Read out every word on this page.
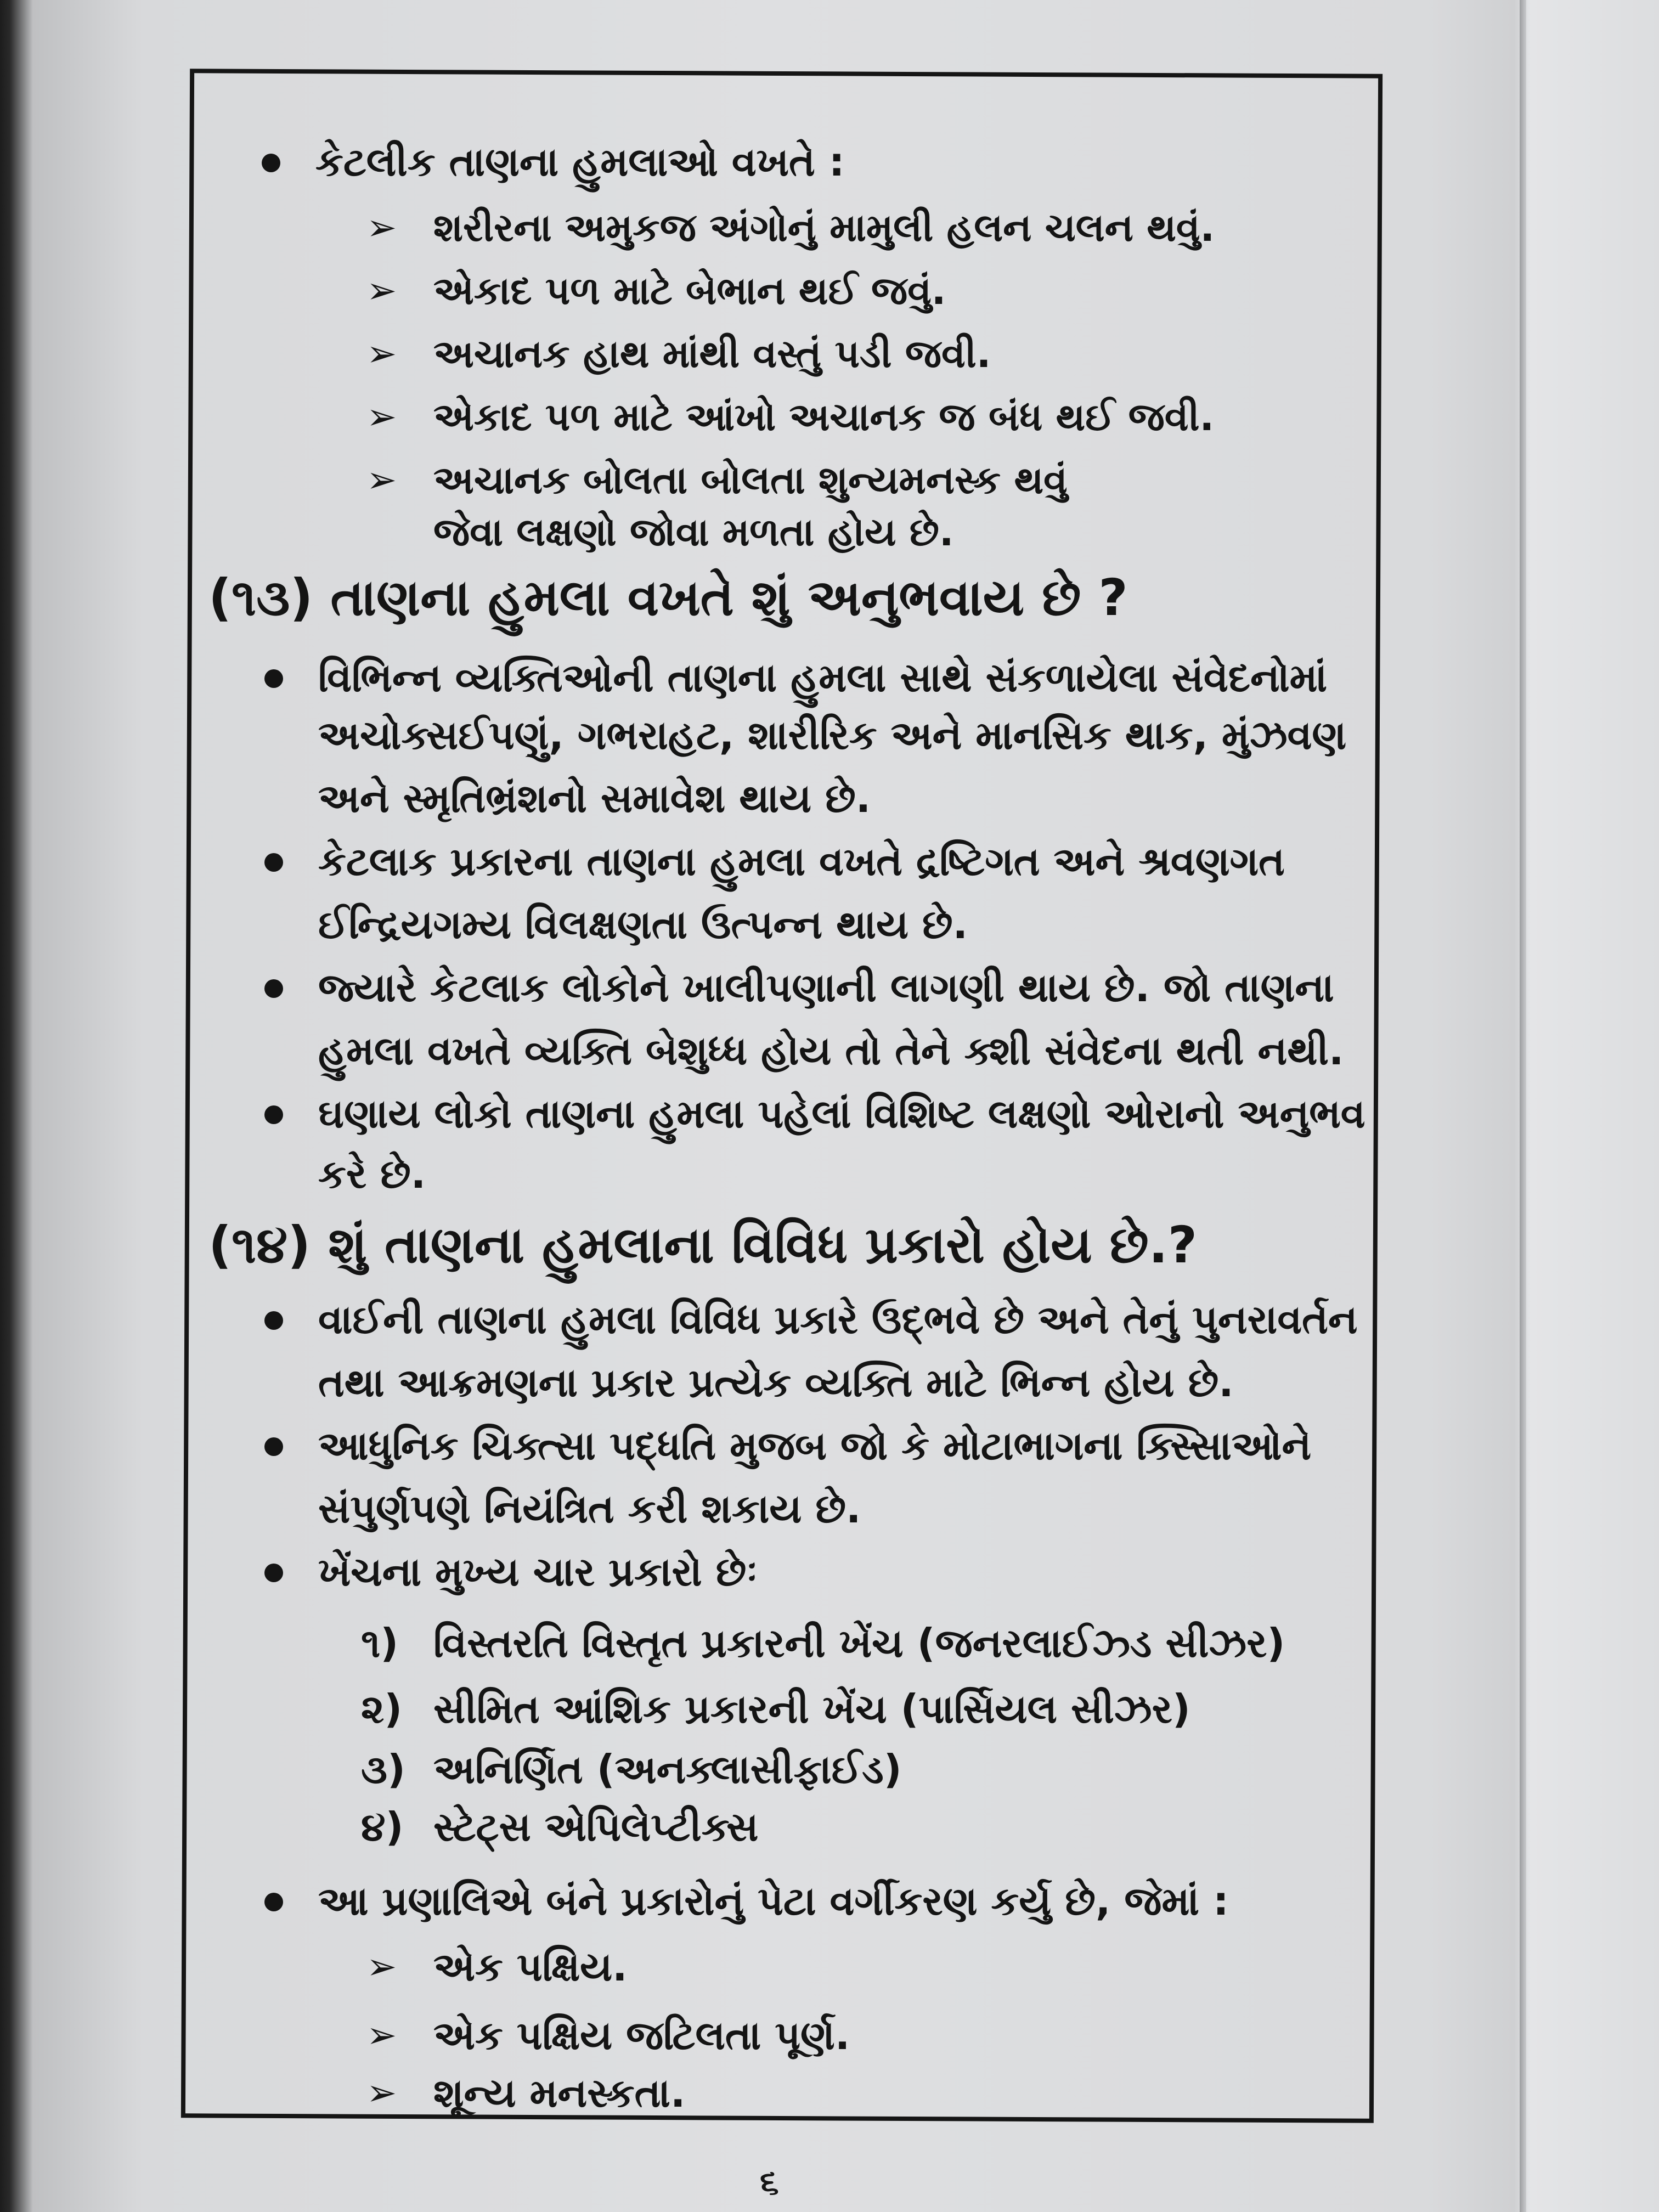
કેટલીક તાણના હુમલાઓ વખતે :
➢ શરીરના અમુકજ અંગોનું મામુલી હલન ચલન થવું.
➢ એકાદ પળ માટે બેભાન થઈ જવું.
➢ અચાનક હાથ માંથી વસ્તું પડી જવી.
➢ એકાદ પળ માટે આંખો અચાનક જ બંધ થઈ જવી.
➢ અચાનક બોલતા બોલતા શુન્યમનસ્ક થવું
જેવા લક્ષણો જોવા મળતા હોય છે.
(૧૩) તાણના હુમલા વખતે શું અનુભવાય છે ?
વિભિન્ન વ્યક્તિઓની તાણના હુમલા સાથે સંકળાયેલા સંવેદનોમાં
અચોક્સઈપણું, ગભરાહટ, શારીરિક અને માનસિક થાક, મુંઝવણ
અને સ્મૃતિભ્રંશનો સમાવેશ થાય છે.
કેટલાક પ્રકારના તાણના હુમલા વખતે દ્રષ્ટિગત અને શ્રવણગત
ઈન્દ્રિયગમ્ય વિલક્ષણતા ઉત્પન્ન થાય છે.
જ્યારે કેટલાક લોકોને ખાલીપણાની લાગણી થાય છે. જો તાણના
હુમલા વખતે વ્યક્તિ બેશુધ્ધ હોય તો તેને ક્શી સંવેદના થતી નથી.
ઘણાય લોકો તાણના હુમલા પહેલાં વિશિષ્ટ લક્ષણો ઓરાનો અનુભવ
કરે છે.
(૧૪) શું તાણના હુમલાના વિવિધ પ્રકારો હોય છે.?
વાઈની તાણના હુમલા વિવિધ પ્રકારે ઉદ્ભવે છે અને તેનું પુનરાવર્તન
તથા આક્રમણના પ્રકાર પ્રત્યેક વ્યક્તિ માટે ભિન્ન હોય છે.
આધુનિક ચિક્ત્સા પદ્ધતિ મુજબ જો કે મોટાભાગના ક્સ્સિાઓને
સંપુર્ણપણે નિયંત્રિત કરી શકાય છે.
ખેંચના મુખ્ય ચાર પ્રકારો છેઃ
૧) વિસ્તરતિ વિસ્તૃત પ્રકારની ખેંચ (જનરલાઈઝ્ડ સીઝર)
૨) સીમિત આંશિક પ્રકારની ખેંચ (પાર્સિયલ સીઝર)
૩) અનિર્ણિત (અનક્લાસીફાઈડ)
૪) સ્ટેટ્સ એપિલેપ્ટીક્સ
આ પ્રણાલિએ બંને પ્રકારોનું પેટા વર્ગીકરણ કર્યુ છે, જેમાં :
➢ એક પક્ષિય.
➢ એક પક્ષિય જટિલતા પૂર્ણ.
➢ શૂન્ય મનસ્કતા.
૬
